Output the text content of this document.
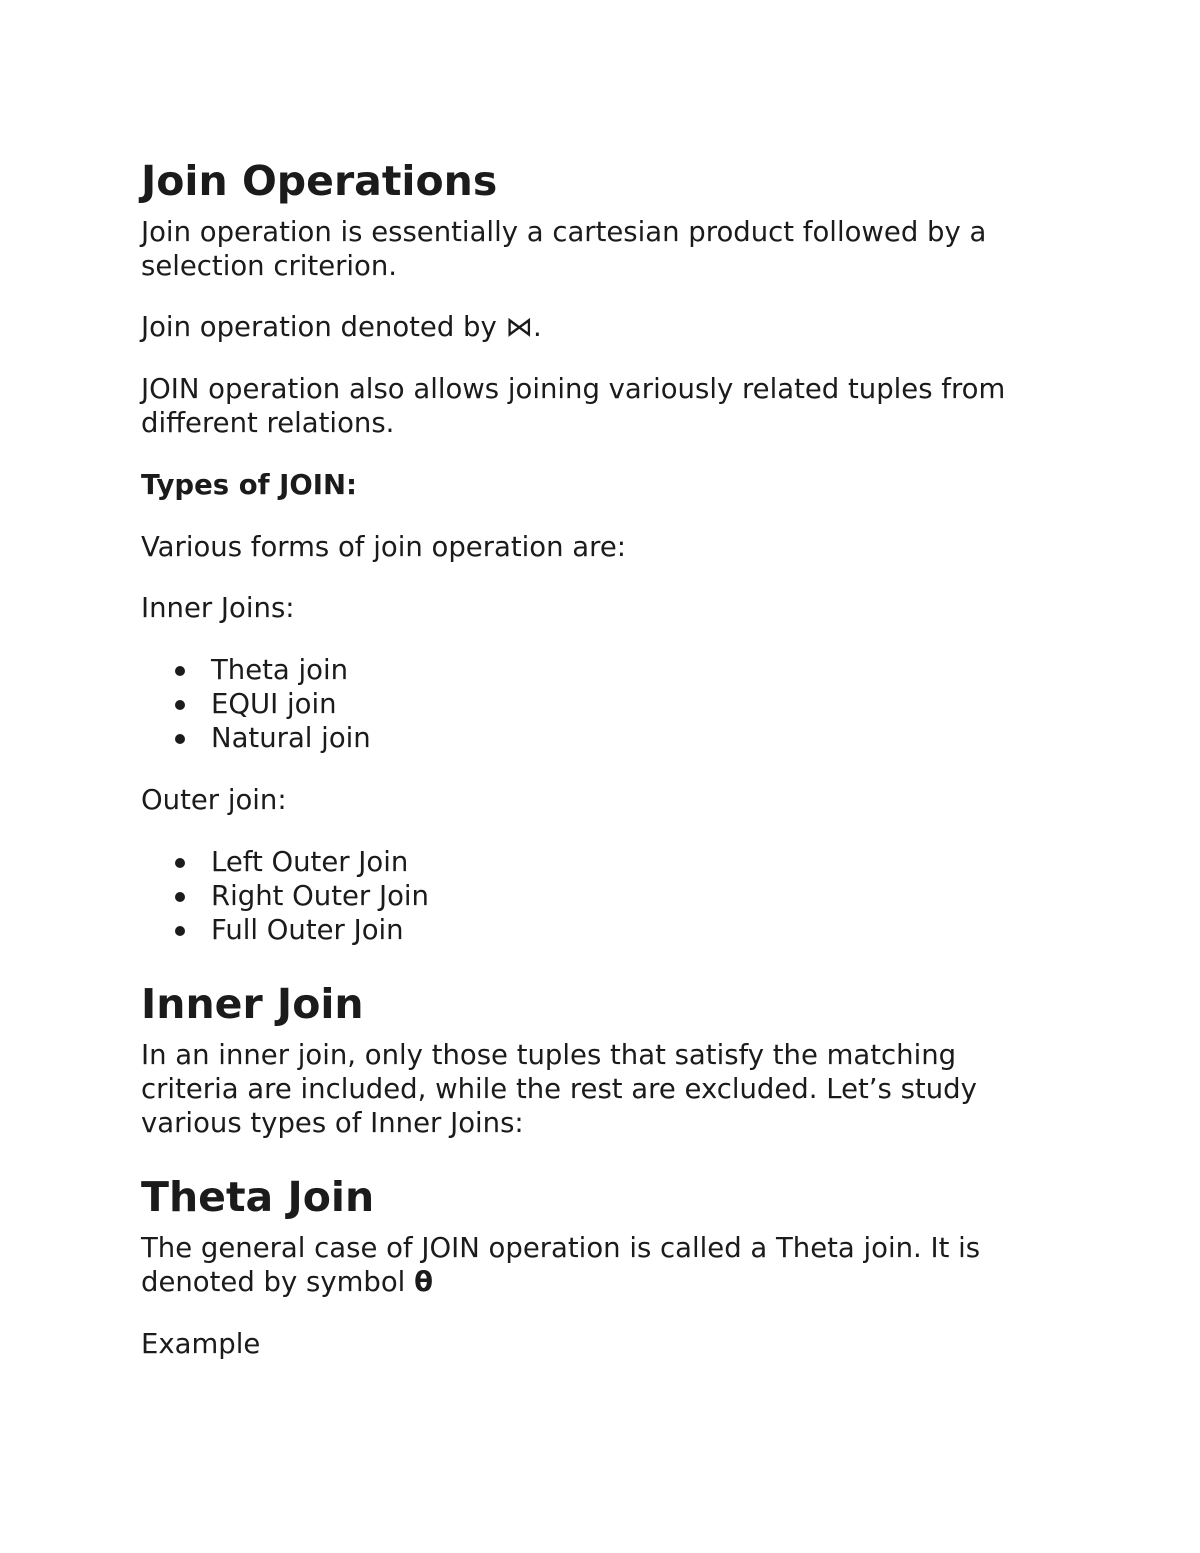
Join Operations

Join operation is essentially a cartesian product followed by a selection criterion.

Join operation denoted by ⋈.

JOIN operation also allows joining variously related tuples from different relations.

Types of JOIN:

Various forms of join operation are:

Inner Joins:

Theta join
EQUI join
Natural join

Outer join:

Left Outer Join
Right Outer Join
Full Outer Join
Inner Join

In an inner join, only those tuples that satisfy the matching criteria are included, while the rest are excluded. Let’s study various types of Inner Joins:

Theta Join

The general case of JOIN operation is called a Theta join. It is denoted by symbol θ

Example
